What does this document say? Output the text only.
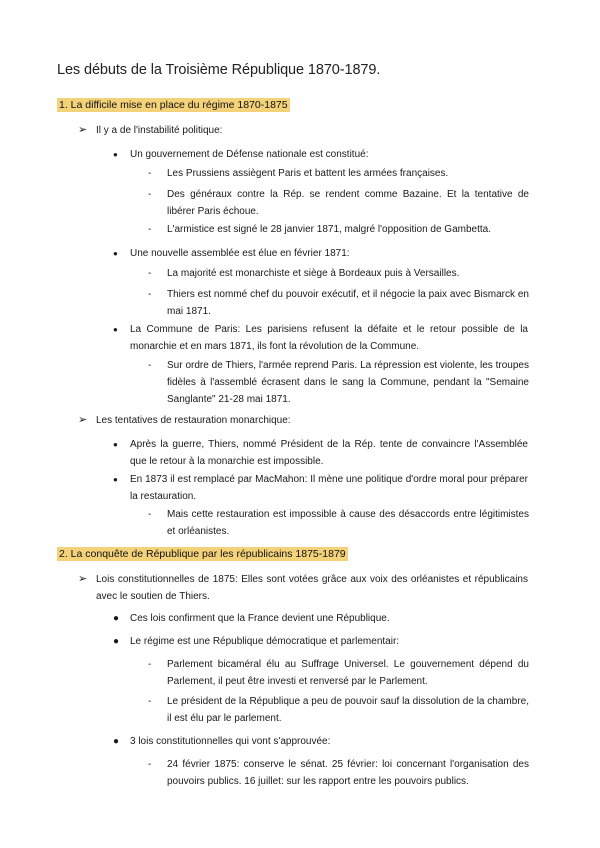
Les débuts de la Troisième République 1870-1879.
1. La difficile mise en place du régime 1870-1875
➢ Il y a de l'instabilité politique:
● Un gouvernement de Défense nationale est constitué:
- Les Prussiens assiègent Paris et battent les armées françaises.
- Des généraux contre la Rép. se rendent comme Bazaine. Et la tentative de libérer Paris échoue.
- L'armistice est signé le 28 janvier 1871, malgré l'opposition de Gambetta.
● Une nouvelle assemblée est élue en février 1871:
- La majorité est monarchiste et siège à Bordeaux puis à Versailles.
- Thiers est nommé chef du pouvoir exécutif, et il négocie la paix avec Bismarck en mai 1871.
● La Commune de Paris: Les parisiens refusent la défaite et le retour possible de la monarchie et en mars 1871, ils font la révolution de la Commune.
- Sur ordre de Thiers, l'armée reprend Paris. La répression est violente, les troupes fidèles à l'assemblé écrasent dans le sang la Commune, pendant la "Semaine Sanglante" 21-28 mai 1871.
➢ Les tentatives de restauration monarchique:
● Après la guerre, Thiers, nommé Président de la Rép. tente de convaincre l'Assemblée que le retour à la monarchie est impossible.
● En 1873 il est remplacé par MacMahon: Il mène une politique d'ordre moral pour préparer la restauration.
- Mais cette restauration est impossible à cause des désaccords entre légitimistes et orléanistes.
2. La conquête de République par les républicains 1875-1879
➢ Lois constitutionnelles de 1875: Elles sont votées grâce aux voix des orléanistes et républicains avec le soutien de Thiers.
● Ces lois confirment que la France devient une République.
● Le régime est une République démocratique et parlementair:
- Parlement bicaméral élu au Suffrage Universel. Le gouvernement dépend du Parlement, il peut être investi et renversé par le Parlement.
- Le président de la République a peu de pouvoir sauf la dissolution de la chambre, il est élu par le parlement.
● 3 lois constitutionnelles qui vont s'approuvée:
- 24 février 1875: conserve le sénat. 25 février: loi concernant l'organisation des pouvoirs publics. 16 juillet: sur les rapport entre les pouvoirs publics.
